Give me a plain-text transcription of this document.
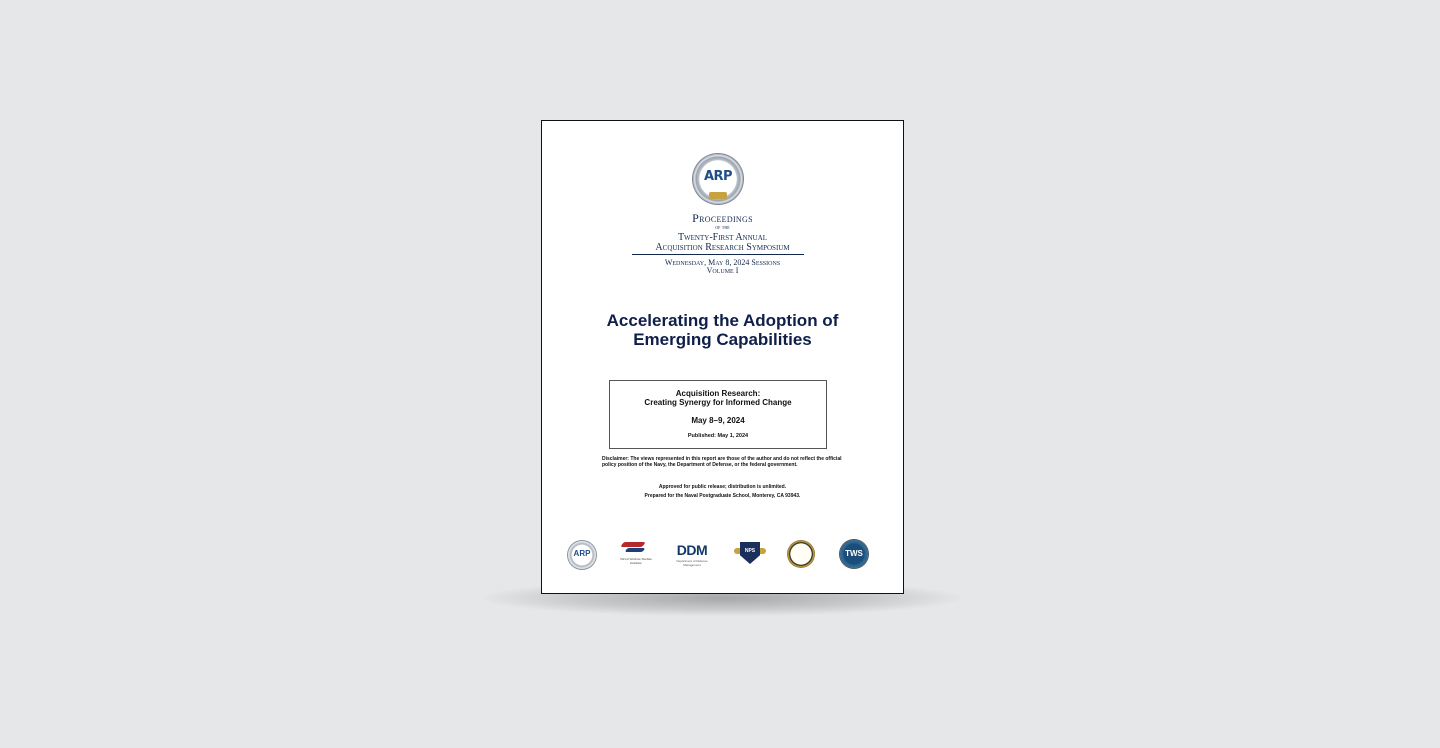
ARP
Proceedings
of the
Twenty-First Annual
Acquisition Research Symposium
Wednesday, May 8, 2024 Sessions
Volume I
Accelerating the Adoption of
Emerging Capabilities
Acquisition Research:
Creating Synergy for Informed Change
May 8–9, 2024
Published: May 1, 2024
Disclaimer: The views represented in this report are those of the author and do not reflect the official policy position of the Navy, the Department of Defense, or the federal government.
Approved for public release; distribution is unlimited.
Prepared for the Naval Postgraduate School, Monterey, CA 93943.
ARP
Naval Warfare Studies Institute
DDM
Department of Defense Management
NPS	TWS
